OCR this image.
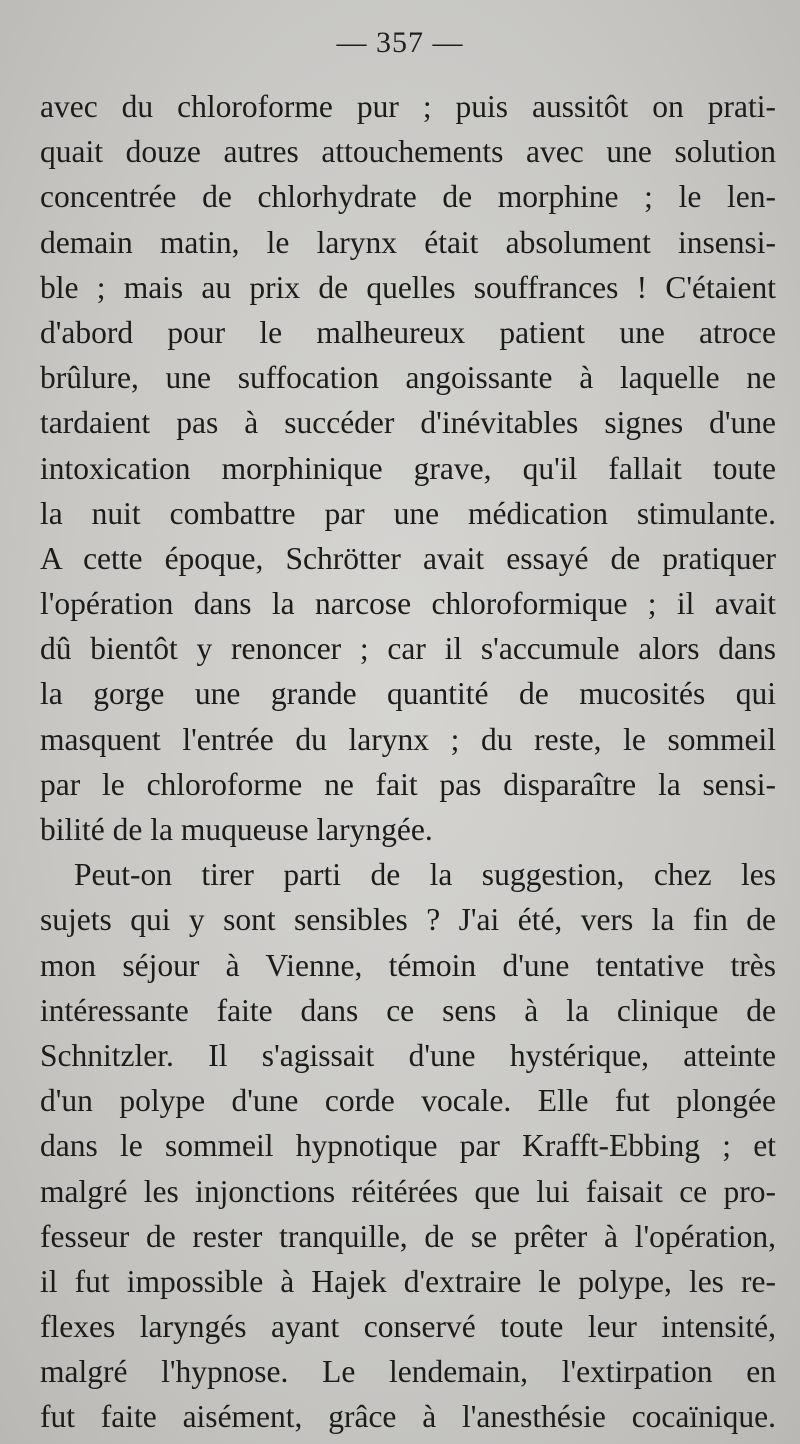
— 357 —
avec du chloroforme pur ; puis aussitôt on prati-
quait douze autres attouchements avec une solution
concentrée de chlorhydrate de morphine ; le len-
demain matin, le larynx était absolument insensi-
ble ; mais au prix de quelles souffrances ! C'étaient
d'abord pour le malheureux patient une atroce
brûlure, une suffocation angoissante à laquelle ne
tardaient pas à succéder d'inévitables signes d'une
intoxication morphinique grave, qu'il fallait toute
la nuit combattre par une médication stimulante.
A cette époque, Schrötter avait essayé de pratiquer
l'opération dans la narcose chloroformique ; il avait
dû bientôt y renoncer ; car il s'accumule alors dans
la gorge une grande quantité de mucosités qui
masquent l'entrée du larynx ; du reste, le sommeil
par le chloroforme ne fait pas disparaître la sensi-
bilité de la muqueuse laryngée.
Peut-on tirer parti de la suggestion, chez les
sujets qui y sont sensibles ? J'ai été, vers la fin de
mon séjour à Vienne, témoin d'une tentative très
intéressante faite dans ce sens à la clinique de
Schnitzler. Il s'agissait d'une hystérique, atteinte
d'un polype d'une corde vocale. Elle fut plongée
dans le sommeil hypnotique par Krafft-Ebbing ; et
malgré les injonctions réitérées que lui faisait ce pro-
fesseur de rester tranquille, de se prêter à l'opération,
il fut impossible à Hajek d'extraire le polype, les re-
flexes laryngés ayant conservé toute leur intensité,
malgré l'hypnose. Le lendemain, l'extirpation en
fut faite aisément, grâce à l'anesthésie cocaïnique.
